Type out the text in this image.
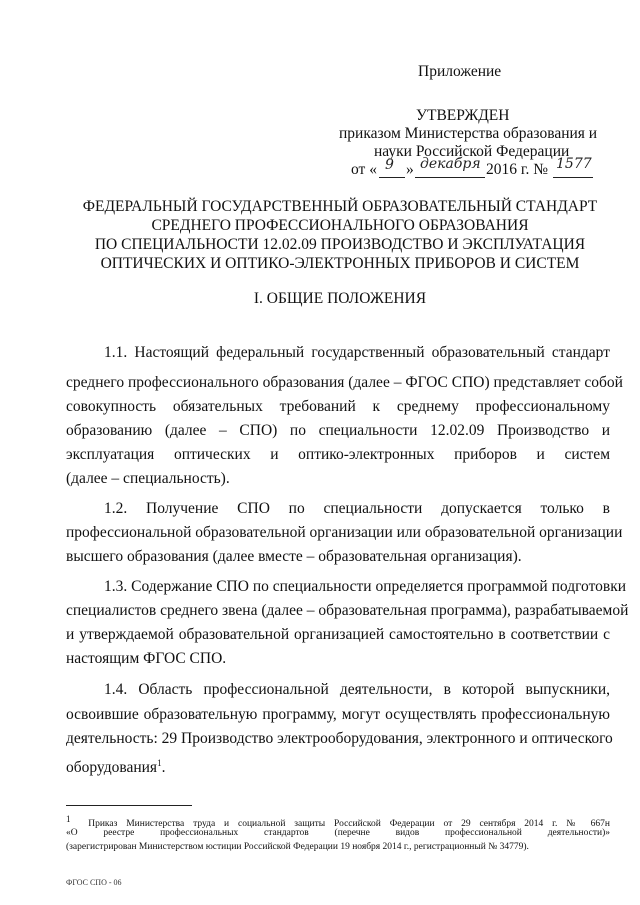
Приложение
УТВЕРЖДЕН
приказом Министерства образования и
науки Российской Федерации
от « 9 » декабря 2016 г. № 1577
ФЕДЕРАЛЬНЫЙ ГОСУДАРСТВЕННЫЙ ОБРАЗОВАТЕЛЬНЫЙ СТАНДАРТ
СРЕДНЕГО ПРОФЕССИОНАЛЬНОГО ОБРАЗОВАНИЯ
ПО СПЕЦИАЛЬНОСТИ 12.02.09 ПРОИЗВОДСТВО И ЭКСПЛУАТАЦИЯ
ОПТИЧЕСКИХ И ОПТИКО-ЭЛЕКТРОННЫХ ПРИБОРОВ И СИСТЕМ
I. ОБЩИЕ ПОЛОЖЕНИЯ
1.1. Настоящий федеральный государственный образовательный стандарт
среднего профессионального образования (далее – ФГОС СПО) представляет собой
совокупность обязательных требований к среднему профессиональному
образованию (далее – СПО) по специальности 12.02.09 Производство и
эксплуатация оптических и оптико-электронных приборов и систем
(далее – специальность).
1.2. Получение СПО по специальности допускается только в
профессиональной образовательной организации или образовательной организации
высшего образования (далее вместе – образовательная организация).
1.3. Содержание СПО по специальности определяется программой подготовки
специалистов среднего звена (далее – образовательная программа), разрабатываемой
и утверждаемой образовательной организацией самостоятельно в соответствии с
настоящим ФГОС СПО.
1.4. Область профессиональной деятельности, в которой выпускники,
освоившие образовательную программу, могут осуществлять профессиональную
деятельность: 29 Производство электрооборудования, электронного и оптического
оборудования$^1$.
$^1$  Приказ Министерства труда и социальной защиты Российской Федерации от 29 сентября 2014 г. № 667н
«О реестре профессиональных стандартов (перечне видов профессиональной деятельности)»
(зарегистрирован Министерством юстиции Российской Федерации 19 ноября 2014 г., регистрационный № 34779).
ФГОС СПО - 06
